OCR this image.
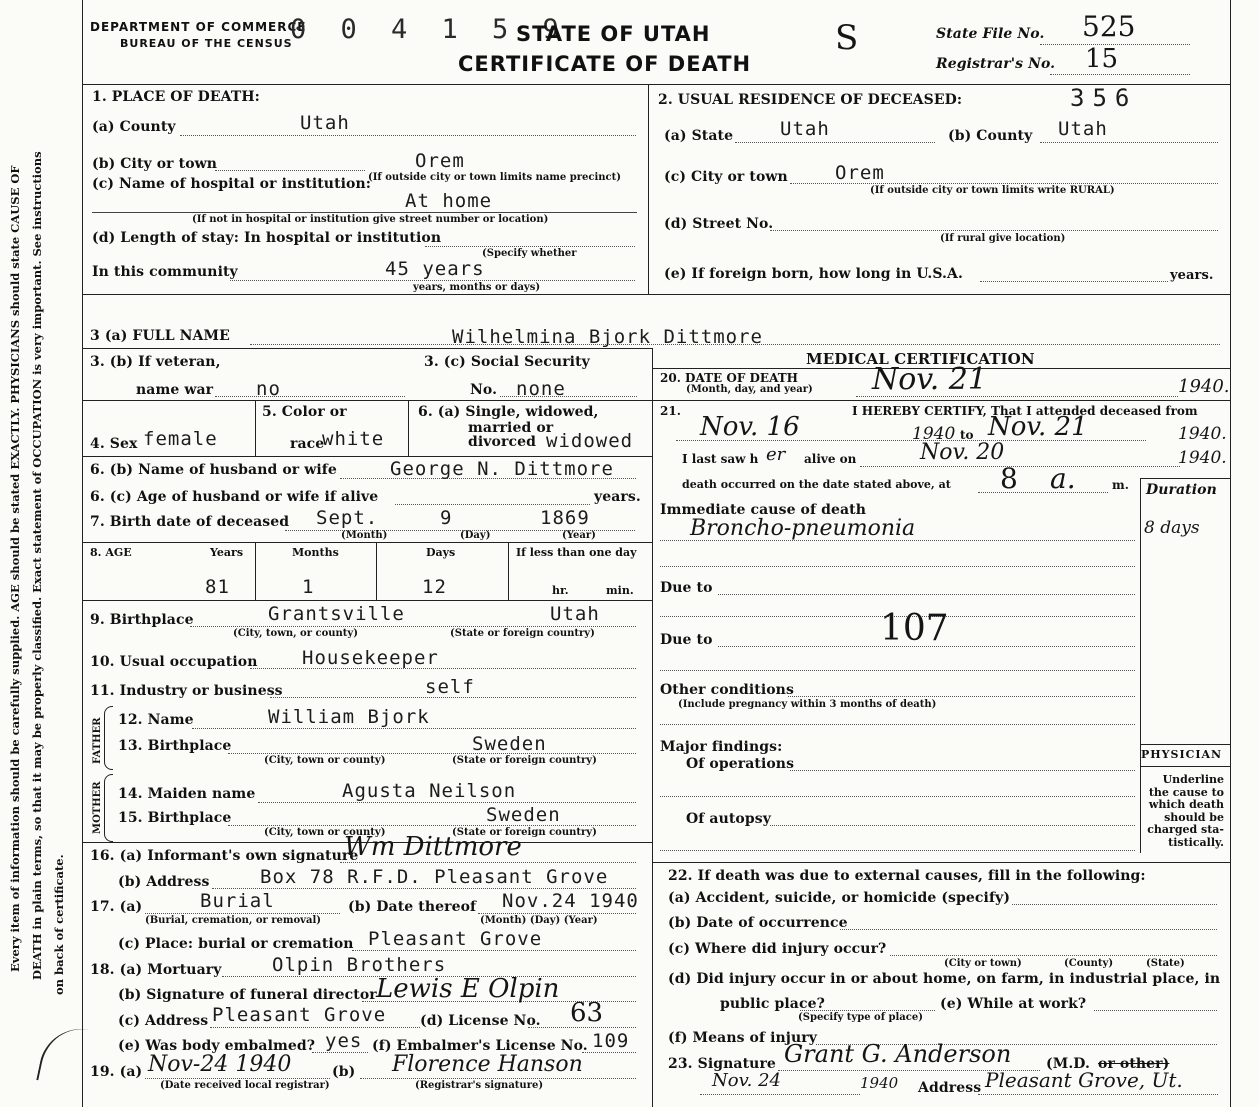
Every item of information should be carefully supplied. AGE should be stated EXACTLY. PHYSICIANS should state CAUSE OF DEATH in plain terms, so that it may be properly classified. Exact statement of OCCUPATION is very important. See instructions on back of certificate.
DEPARTMENT OF COMMERCE
BUREAU OF THE CENSUS
0 0 4 1 5 9
STATE OF UTAH
CERTIFICATE OF DEATH
S	State File No. 525
Registrar's No. 15
1. PLACE OF DEATH:
(a) County	Utah
(b) City or town	Orem
(If outside city or town limits name precinct)
(c) Name of hospital or institution:
At home
(If not in hospital or institution give street number or location)
(d) Length of stay: In hospital or institution
(Specify whether
In this community	45 years
years, months or days)
2. USUAL RESIDENCE OF DECEASED:	356
(a) State Utah	(b) County Utah
(c) City or town Orem
(If outside city or town limits write RURAL)
(d) Street No.
(If rural give location)
(e) If foreign born, how long in U.S.A.	years.
3 (a) FULL NAME	Wilhelmina Bjork Dittmore
3. (b) If veteran,
name war no
3. (c) Social Security
No. none
4. Sex female
5. Color or
race
white
6. (a) Single, widowed,
married or
divorced widowed
6. (b) Name of husband or wife	George N. Dittmore
6. (c) Age of husband or wife if alive	years.
7. Birth date of deceased Sept.	9	1869
(Month)	(Day)	(Year)
8. AGE	Years	Months	Days	If less than one day
81	1	12	hr.	min.
9. Birthplace	Grantsville	Utah
(City, town, or county)	(State or foreign country)
10. Usual occupation Housekeeper
11. Industry or business	self
FATHER 12. Name	William Bjork
13. Birthplace	Sweden
(City, town or county)	(State or foreign country)
MOTHER 14. Maiden name	Agusta Neilson
15. Birthplace	Sweden
(City, town or county)	(State or foreign country)
16. (a) Informant's own signature
Wm Dittmore
(b) Address	Box 78 R.F.D. Pleasant Grove
17. (a)	Burial
(Burial, cremation, or removal)
(b) Date thereof Nov.24 1940
(Month) (Day) (Year)
(c) Place: burial or cremation Pleasant Grove
18. (a) Mortuary	Olpin Brothers
(b) Signature of funeral director Lewis E Olpin
(c) Address Pleasant Grove (d) License No. 63
(e) Was body embalmed? yes (f) Embalmer's License No. 109
19. (a) Nov-24 1940
(Date received local registrar)
(b) Florence Hanson
(Registrar's signature)
MEDICAL CERTIFICATION
20. DATE OF DEATH
(Month, day, and year) Nov. 21	1940.
21.	I HEREBY CERTIFY, That I attended deceased from
Nov. 16	1940 to Nov. 21	1940.
I last saw h er alive on	Nov. 20	1940.
death occurred on the date stated above, at 8 a.	m. Duration
8 days
Immediate cause of death
Broncho-pneumonia
Due to
Due to	107
Other conditions
(Include pregnancy within 3 months of death)
Major findings:
Of operations
Of autopsy
PHYSICIAN
Underline
the cause to
which death
should be
charged sta-
tistically.
22. If death was due to external causes, fill in the following:
(a) Accident, suicide, or homicide (specify)
(b) Date of occurrence
(c) Where did injury occur?
(City or town)	(County)	(State)
(d) Did injury occur in or about home, on farm, in industrial place, in
public place?
(Specify type of place)
(e) While at work?
(f) Means of injury
23. Signature Grant G. Anderson (M.D. or other)
Nov. 24	1940 Address Pleasant Grove, Ut.
